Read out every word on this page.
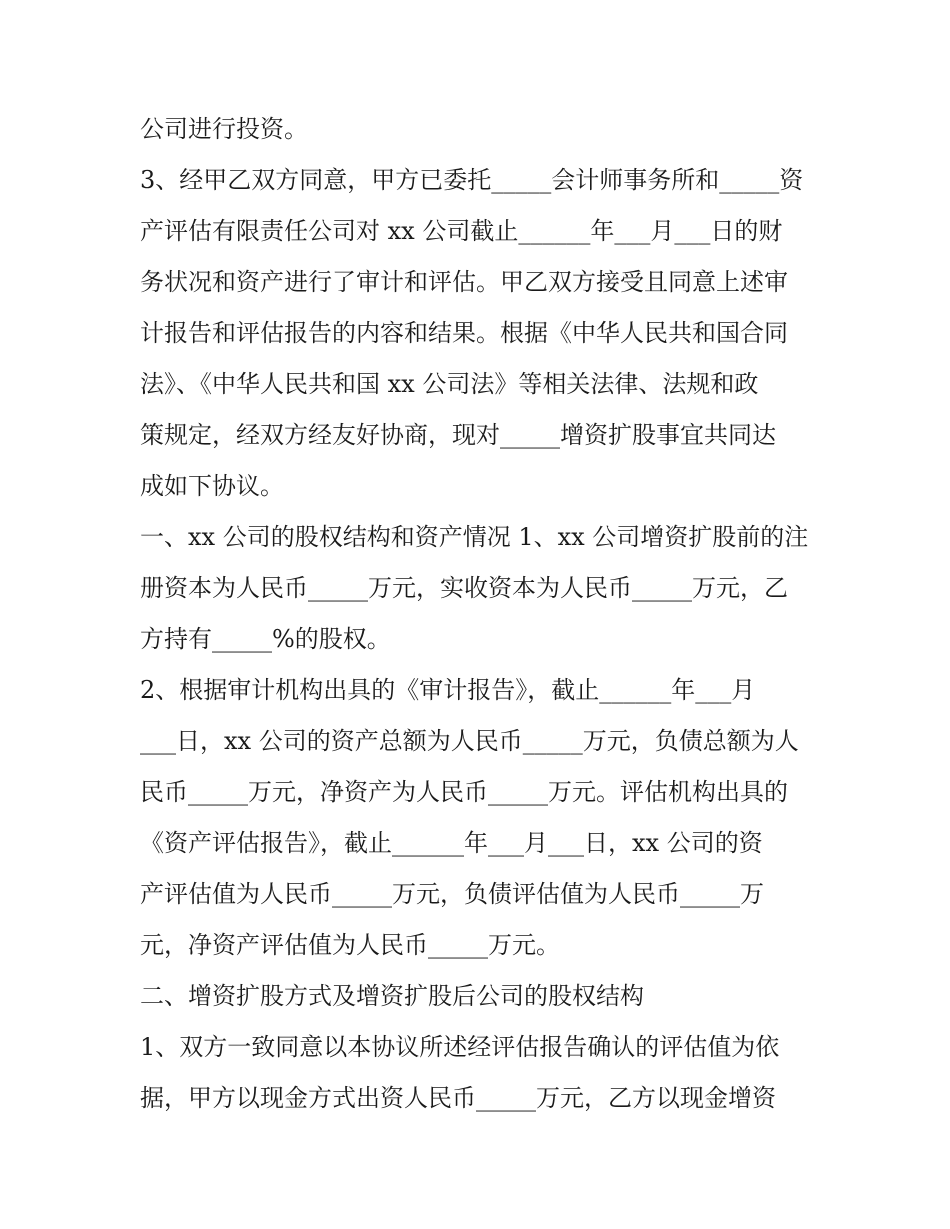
公司进行投资。
3、经甲乙双方同意，甲方已委托_____会计师事务所和_____资
产评估有限责任公司对 xx 公司截止______年___月___日的财
务状况和资产进行了审计和评估。甲乙双方接受且同意上述审
计报告和评估报告的内容和结果。根据《中华人民共和国合同
法》、《中华人民共和国 xx 公司法》等相关法律、法规和政
策规定，经双方经友好协商，现对_____增资扩股事宜共同达
成如下协议。
一、xx 公司的股权结构和资产情况 1、xx 公司增资扩股前的注
册资本为人民币_____万元，实收资本为人民币_____万元，乙
方持有_____%的股权。
2、根据审计机构出具的《审计报告》，截止______年___月
___日，xx 公司的资产总额为人民币_____万元，负债总额为人
民币_____万元，净资产为人民币_____万元。评估机构出具的
《资产评估报告》，截止______年___月___日，xx 公司的资
产评估值为人民币_____万元，负债评估值为人民币_____万
元，净资产评估值为人民币_____万元。
二、增资扩股方式及增资扩股后公司的股权结构
1、双方一致同意以本协议所述经评估报告确认的评估值为依
据，甲方以现金方式出资人民币_____万元，乙方以现金增资
